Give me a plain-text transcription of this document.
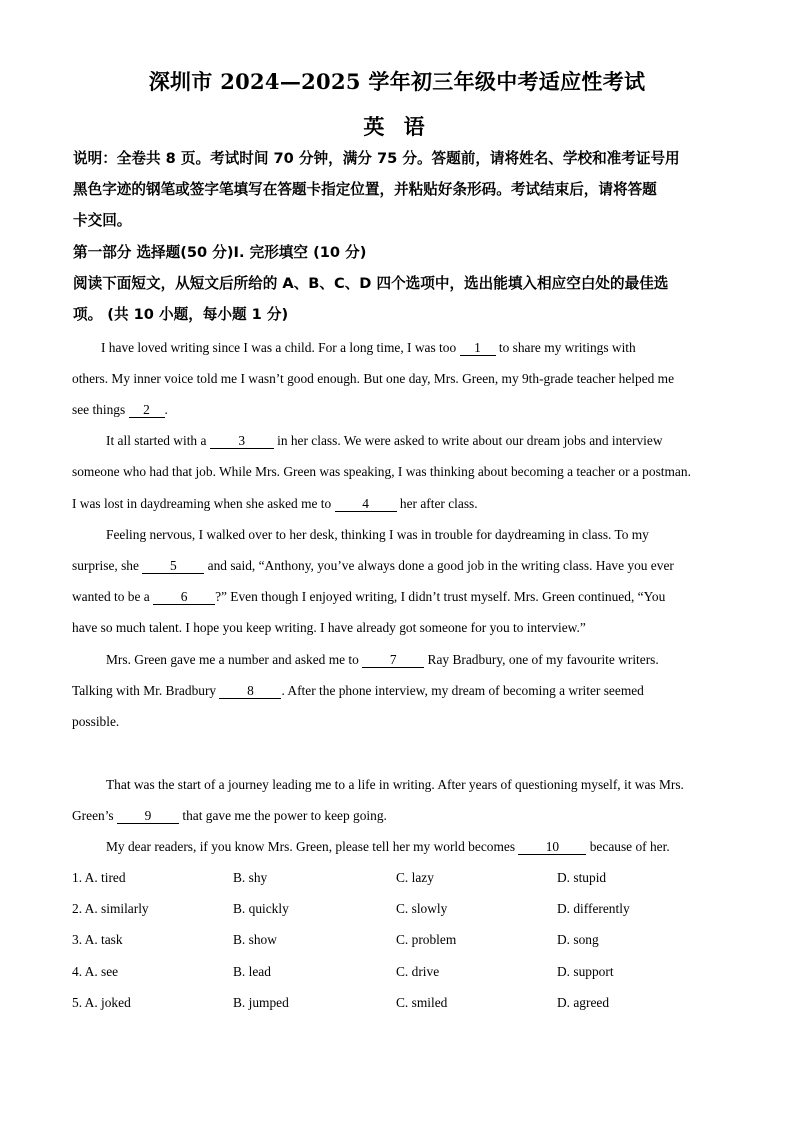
深圳市 2024—2025 学年初三年级中考适应性考试
英 语
说明：全卷共 8 页。考试时间 70 分钟，满分 75 分。答题前，请将姓名、学校和准考证号用
黑色字迹的钢笔或签字笔填写在答题卡指定位置，并粘贴好条形码。考试结束后，请将答题
卡交回。
第一部分 选择题(50 分)I. 完形填空 (10 分)
阅读下面短文，从短文后所给的 A、B、C、D 四个选项中，选出能填入相应空白处的最佳选
项。 (共 10 小题，每小题 1 分)
I have loved writing since I was a child. For a long time, I was too 1 to share my writings with
others. My inner voice told me I wasn’t good enough. But one day, Mrs. Green, my 9th-grade teacher helped me
see things 2 .
It all started with a 3 in her class. We were asked to write about our dream jobs and interview
someone who had that job. While Mrs. Green was speaking, I was thinking about becoming a teacher or a postman.
I was lost in daydreaming when she asked me to 4 her after class.
Feeling nervous, I walked over to her desk, thinking I was in trouble for daydreaming in class. To my
surprise, she 5 and said, “Anthony, you’ve always done a good job in the writing class. Have you ever
wanted to be a 6 ?” Even though I enjoyed writing, I didn’t trust myself. Mrs. Green continued, “You
have so much talent. I hope you keep writing. I have already got someone for you to interview.”
Mrs. Green gave me a number and asked me to 7 Ray Bradbury, one of my favourite writers.
Talking with Mr. Bradbury 8 . After the phone interview, my dream of becoming a writer seemed
possible.
That was the start of a journey leading me to a life in writing. After years of questioning myself, it was Mrs.
Green’s 9 that gave me the power to keep going.
My dear readers, if you know Mrs. Green, please tell her my world becomes 10 because of her.
1. A. tired	B. shy	C. lazy	D. stupid
2. A. similarly	B. quickly	C. slowly	D. differently
3. A. task	B. show	C. problem	D. song
4. A. see	B. lead	C. drive	D. support
5. A. joked	B. jumped	C. smiled	D. agreed
